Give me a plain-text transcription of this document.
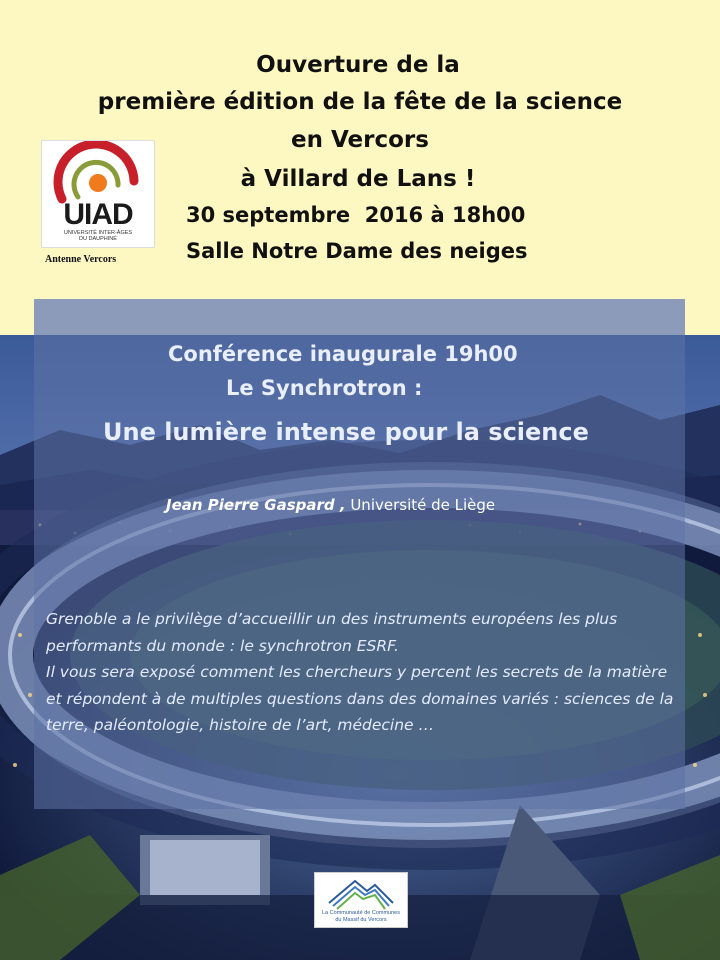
Ouverture de la
première édition de la fête de la science
en Vercors
à Villard de Lans !
30 septembre  2016 à 18h00
Salle Notre Dame des neiges
UIAD
UNIVERSITÉ INTER-ÂGES
DU DAUPHINÉ
Antenne Vercors
Conférence inaugurale 19h00
Le Synchrotron :
Une lumière intense pour la science
Jean Pierre Gaspard , Université de Liège

Grenoble a le privilège d’accueillir un des instruments européens les plus performants du monde : le synchrotron ESRF.

Il vous sera exposé comment les chercheurs y percent les secrets de la matière et répondent à de multiples questions dans des domaines variés : sciences de la terre, paléontologie, histoire de l’art, médecine …

La Communauté de Communes
du Massif du Vercors
